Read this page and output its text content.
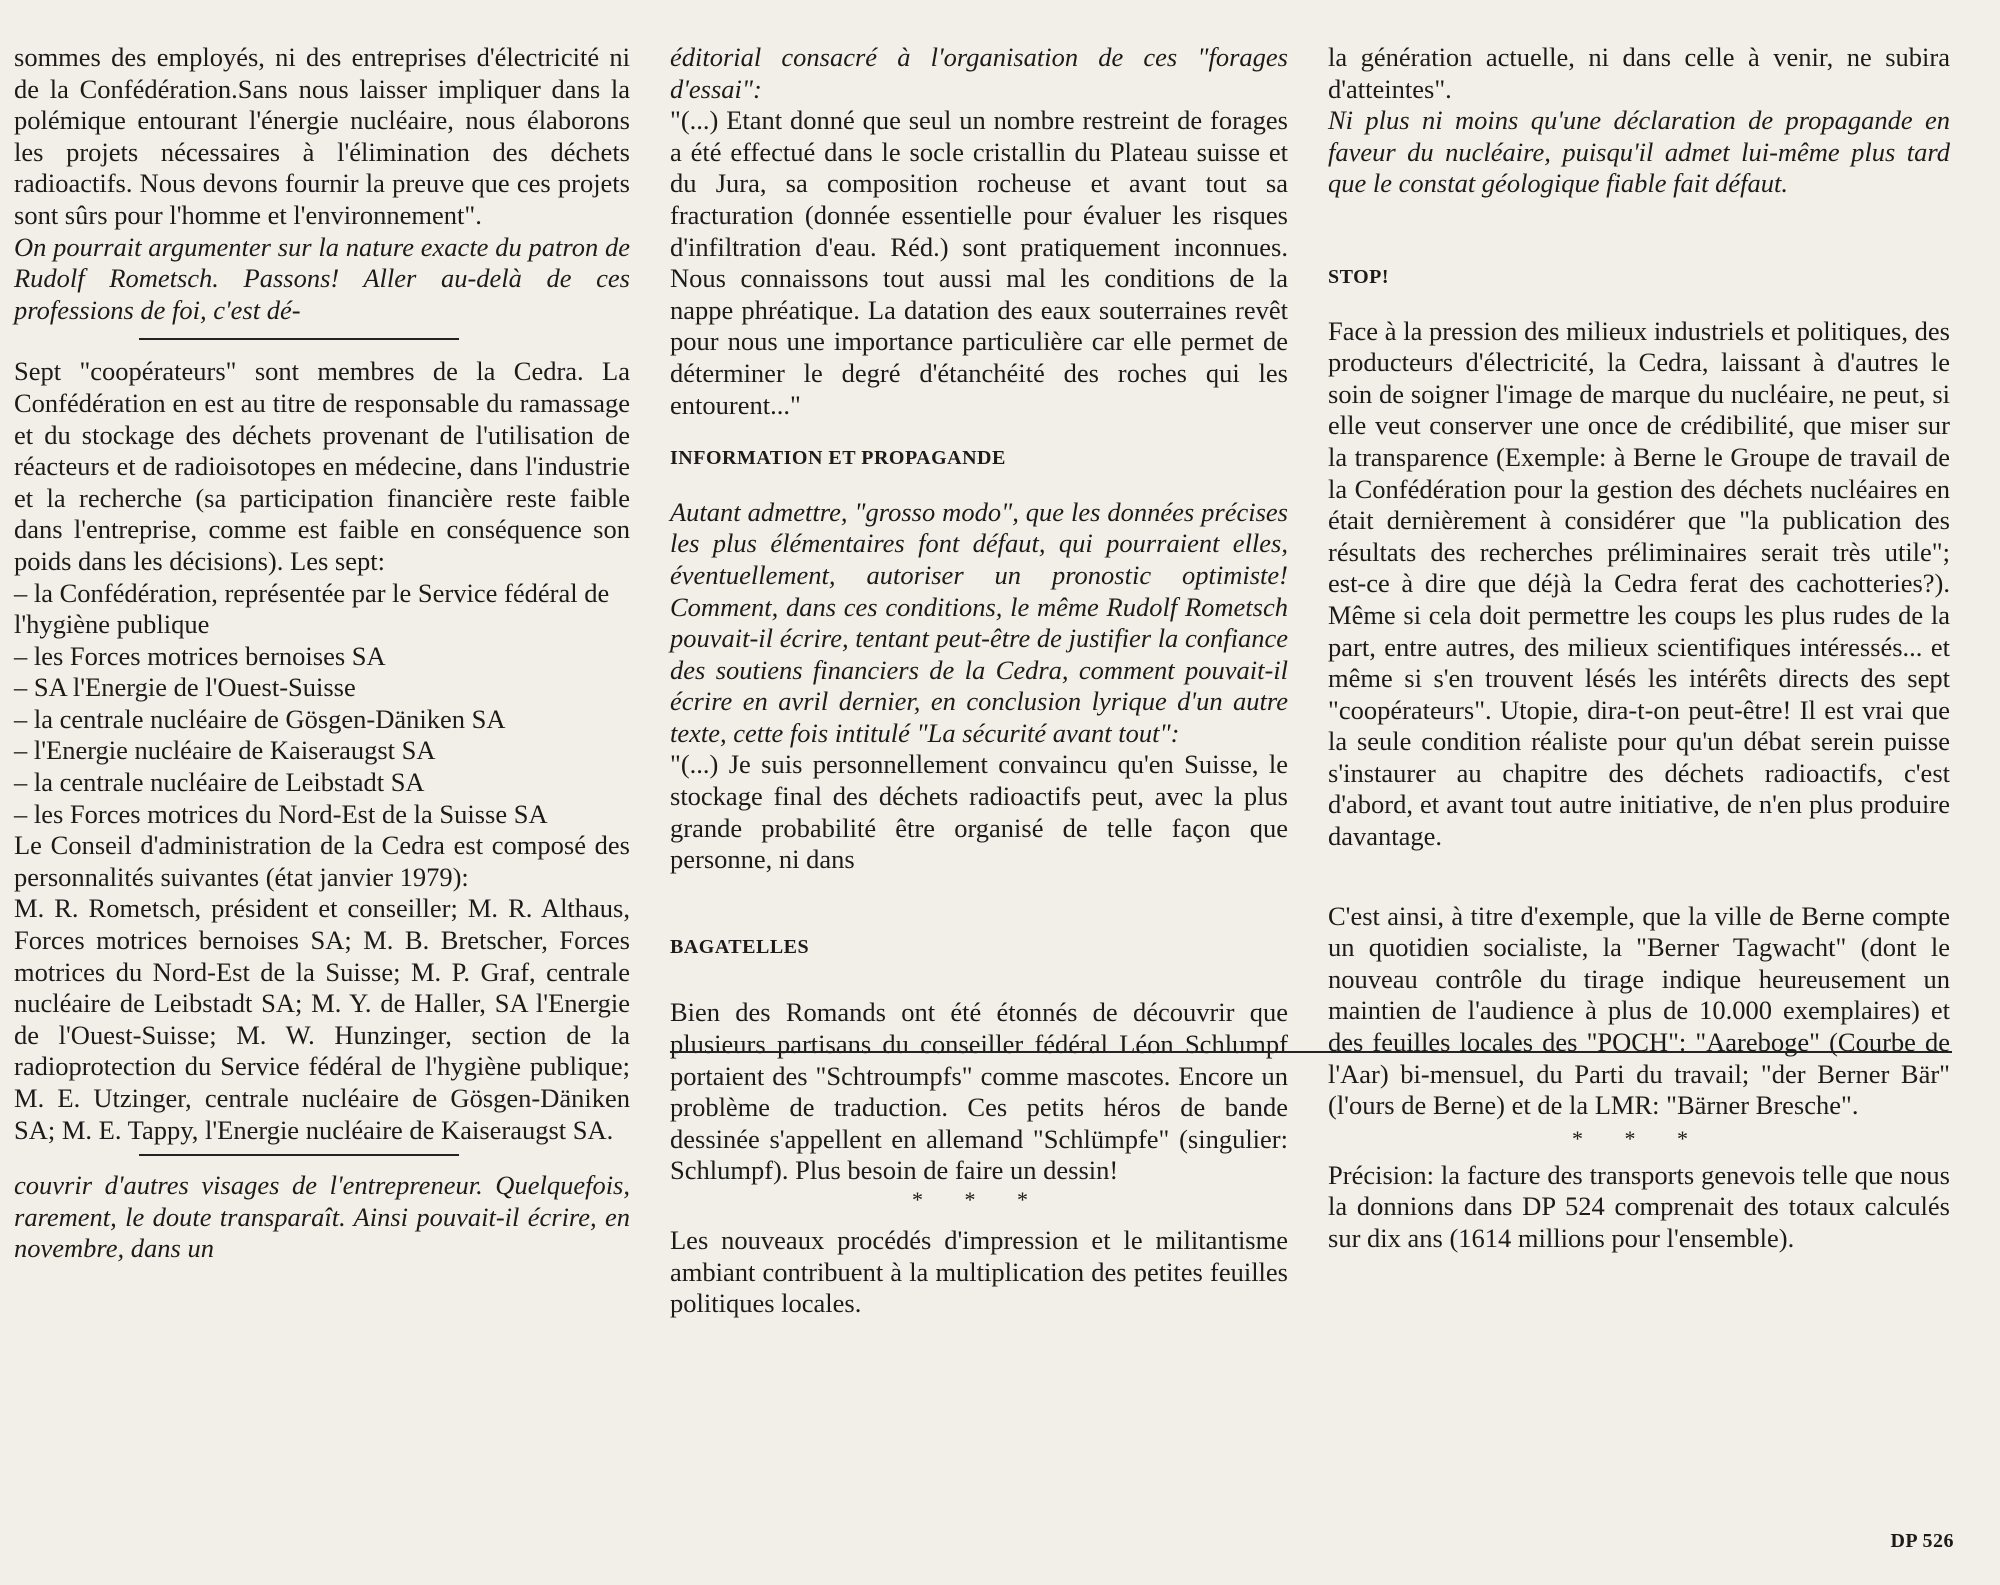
sommes des employés, ni des entreprises d'électricité ni de la Confédération.Sans nous laisser impliquer dans la polémique entourant l'énergie nucléaire, nous élaborons les projets nécessaires à l'élimination des déchets radioactifs. Nous devons fournir la preuve que ces projets sont sûrs pour l'homme et l'environnement".

On pourrait argumenter sur la nature exacte du patron de Rudolf Rometsch. Passons! Aller au-delà de ces professions de foi, c'est dé-

Sept "coopérateurs" sont membres de la Cedra. La Confédération en est au titre de responsable du ramassage et du stockage des déchets provenant de l'utilisation de réacteurs et de radioisotopes en médecine, dans l'industrie et la recherche (sa participation financière reste faible dans l'entreprise, comme est faible en conséquence son poids dans les décisions). Les sept:

– la Confédération, représentée par le Service fédéral de l'hygiène publique

– les Forces motrices bernoises SA

– SA l'Energie de l'Ouest-Suisse

– la centrale nucléaire de Gösgen-Däniken SA

– l'Energie nucléaire de Kaiseraugst SA

– la centrale nucléaire de Leibstadt SA

– les Forces motrices du Nord-Est de la Suisse SA

Le Conseil d'administration de la Cedra est composé des personnalités suivantes (état janvier 1979):

M. R. Rometsch, président et conseiller; M. R. Althaus, Forces motrices bernoises SA; M. B. Bretscher, Forces motrices du Nord-Est de la Suisse; M. P. Graf, centrale nucléaire de Leibstadt SA; M. Y. de Haller, SA l'Energie de l'Ouest-Suisse; M. W. Hunzinger, section de la radioprotection du Service fédéral de l'hygiène publique; M. E. Utzinger, centrale nucléaire de Gösgen-Däniken SA; M. E. Tappy, l'Energie nucléaire de Kaiseraugst SA.

couvrir d'autres visages de l'entrepreneur. Quelquefois, rarement, le doute transparaît. Ainsi pouvait-il écrire, en novembre, dans un

éditorial consacré à l'organisation de ces "forages d'essai":

"(...) Etant donné que seul un nombre restreint de forages a été effectué dans le socle cristallin du Plateau suisse et du Jura, sa composition rocheuse et avant tout sa fracturation (donnée essentielle pour évaluer les risques d'infiltration d'eau. Réd.) sont pratiquement inconnues. Nous connaissons tout aussi mal les conditions de la nappe phréatique. La datation des eaux souterraines revêt pour nous une importance particulière car elle permet de déterminer le degré d'étanchéité des roches qui les entourent..."

INFORMATION ET PROPAGANDE

Autant admettre, "grosso modo", que les données précises les plus élémentaires font défaut, qui pourraient elles, éventuellement, autoriser un pronostic optimiste! Comment, dans ces conditions, le même Rudolf Rometsch pouvait-il écrire, tentant peut-être de justifier la confiance des soutiens financiers de la Cedra, comment pouvait-il écrire en avril dernier, en conclusion lyrique d'un autre texte, cette fois intitulé "La sécurité avant tout":

"(...) Je suis personnellement convaincu qu'en Suisse, le stockage final des déchets radioactifs peut, avec la plus grande probabilité être organisé de telle façon que personne, ni dans

BAGATELLES

Bien des Romands ont été étonnés de découvrir que plusieurs partisans du conseiller fédéral Léon Schlumpf portaient des "Schtroumpfs" comme mascotes. Encore un problème de traduction. Ces petits héros de bande dessinée s'appellent en allemand "Schlümpfe" (singulier: Schlumpf). Plus besoin de faire un dessin!

* * *

Les nouveaux procédés d'impression et le militantisme ambiant contribuent à la multiplication des petites feuilles politiques locales.

la génération actuelle, ni dans celle à venir, ne subira d'atteintes".

Ni plus ni moins qu'une déclaration de propagande en faveur du nucléaire, puisqu'il admet lui-même plus tard que le constat géologique fiable fait défaut.

STOP!

Face à la pression des milieux industriels et politiques, des producteurs d'électricité, la Cedra, laissant à d'autres le soin de soigner l'image de marque du nucléaire, ne peut, si elle veut conserver une once de crédibilité, que miser sur la transparence (Exemple: à Berne le Groupe de travail de la Confédération pour la gestion des déchets nucléaires en était dernièrement à considérer que "la publication des résultats des recherches préliminaires serait très utile"; est-ce à dire que déjà la Cedra ferat des cachotteries?). Même si cela doit permettre les coups les plus rudes de la part, entre autres, des milieux scientifiques intéressés... et même si s'en trouvent lésés les intérêts directs des sept "coopérateurs". Utopie, dira-t-on peut-être! Il est vrai que la seule condition réaliste pour qu'un débat serein puisse s'instaurer au chapitre des déchets radioactifs, c'est d'abord, et avant tout autre initiative, de n'en plus produire davantage.

C'est ainsi, à titre d'exemple, que la ville de Berne compte un quotidien socialiste, la "Berner Tagwacht" (dont le nouveau contrôle du tirage indique heureusement un maintien de l'audience à plus de 10.000 exemplaires) et des feuilles locales des "POCH": "Aareboge" (Courbe de l'Aar) bi-mensuel, du Parti du travail; "der Berner Bär" (l'ours de Berne) et de la LMR: "Bärner Bresche".

* * *

Précision: la facture des transports genevois telle que nous la donnions dans DP 524 comprenait des totaux calculés sur dix ans (1614 millions pour l'ensemble).

DP 526
